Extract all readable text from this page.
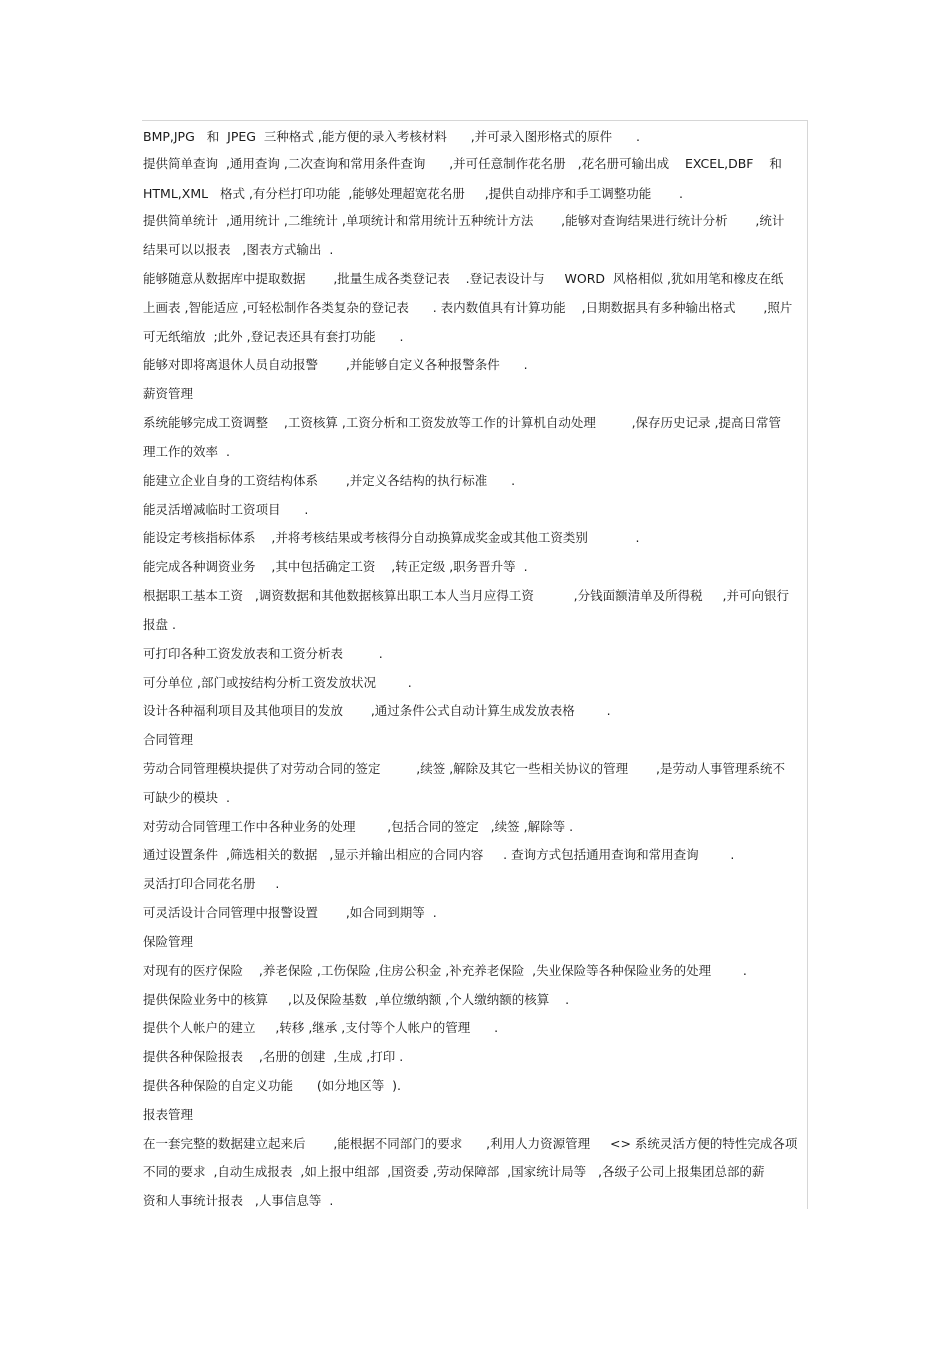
BMP,JPG   和  JPEG  三种格式 ,能方便的录入考核材料      ,并可录入图形格式的原件      .
提供简单查询  ,通用查询 ,二次查询和常用条件查询      ,并可任意制作花名册   ,花名册可输出成    EXCEL,DBF    和
HTML,XML   格式 ,有分栏打印功能  ,能够处理超宽花名册     ,提供自动排序和手工调整功能       .
提供简单统计  ,通用统计 ,二维统计 ,单项统计和常用统计五种统计方法       ,能够对查询结果进行统计分析       ,统计
结果可以以报表   ,图表方式输出  .
能够随意从数据库中提取数据       ,批量生成各类登记表    .登记表设计与     WORD  风格相似 ,犹如用笔和橡皮在纸
上画表 ,智能适应 ,可轻松制作各类复杂的登记表      . 表内数值具有计算功能    ,日期数据具有多种输出格式       ,照片
可无纸缩放  ;此外 ,登记表还具有套打功能      .
能够对即将离退休人员自动报警       ,并能够自定义各种报警条件      .
薪资管理
系统能够完成工资调整    ,工资核算 ,工资分析和工资发放等工作的计算机自动处理         ,保存历史记录 ,提高日常管
理工作的效率  .
能建立企业自身的工资结构体系       ,并定义各结构的执行标准      .
能灵活增减临时工资项目      .
能设定考核指标体系    ,并将考核结果或考核得分自动换算成奖金或其他工资类别            .
能完成各种调资业务    ,其中包括确定工资    ,转正定级 ,职务晋升等  .
根据职工基本工资   ,调资数据和其他数据核算出职工本人当月应得工资          ,分钱面额清单及所得税     ,并可向银行
报盘 .
可打印各种工资发放表和工资分析表         .
可分单位 ,部门或按结构分析工资发放状况        .
设计各种福利项目及其他项目的发放       ,通过条件公式自动计算生成发放表格        .
合同管理
劳动合同管理模块提供了对劳动合同的签定         ,续签 ,解除及其它一些相关协议的管理       ,是劳动人事管理系统不
可缺少的模块  .
对劳动合同管理工作中各种业务的处理        ,包括合同的签定   ,续签 ,解除等 .
通过设置条件  ,筛选相关的数据   ,显示并输出相应的合同内容     . 查询方式包括通用查询和常用查询        .
灵活打印合同花名册     .
可灵活设计合同管理中报警设置       ,如合同到期等  .
保险管理
对现有的医疗保险    ,养老保险 ,工伤保险 ,住房公积金 ,补充养老保险  ,失业保险等各种保险业务的处理        .
提供保险业务中的核算     ,以及保险基数  ,单位缴纳额 ,个人缴纳额的核算    .
提供个人帐户的建立     ,转移 ,继承 ,支付等个人帐户的管理      .
提供各种保险报表    ,名册的创建  ,生成 ,打印 .
提供各种保险的自定义功能      (如分地区等  ).
报表管理
在一套完整的数据建立起来后       ,能根据不同部门的要求      ,利用人力资源管理     <> 系统灵活方便的特性完成各项
不同的要求  ,自动生成报表  ,如上报中组部  ,国资委 ,劳动保障部  ,国家统计局等   ,各级子公司上报集团总部的薪
资和人事统计报表   ,人事信息等  .
